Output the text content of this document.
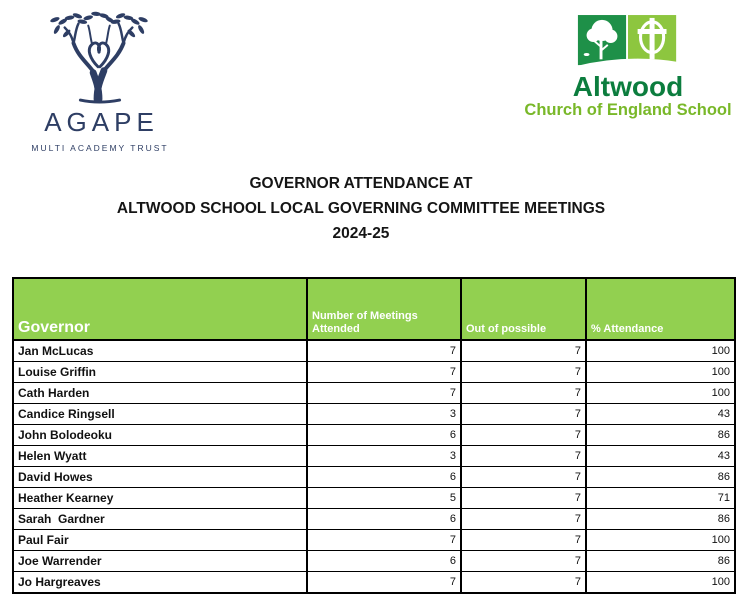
AGAPE
MULTI ACADEMY TRUST
Altwood
Church of England School
GOVERNOR ATTENDANCE AT
ALTWOOD SCHOOL LOCAL GOVERNING COMMITTEE MEETINGS
2024-25
Governor	Number of Meetings Attended	Out of possible	% Attendance
Jan McLucas	7	7	100
Louise Griffin	7	7	100
Cath Harden	7	7	100
Candice Ringsell	3	7	43
John Bolodeoku	6	7	86
Helen Wyatt	3	7	43
David Howes	6	7	86
Heather Kearney	5	7	71
Sarah  Gardner	6	7	86
Paul Fair	7	7	100
Joe Warrender	6	7	86
Jo Hargreaves	7	7	100
